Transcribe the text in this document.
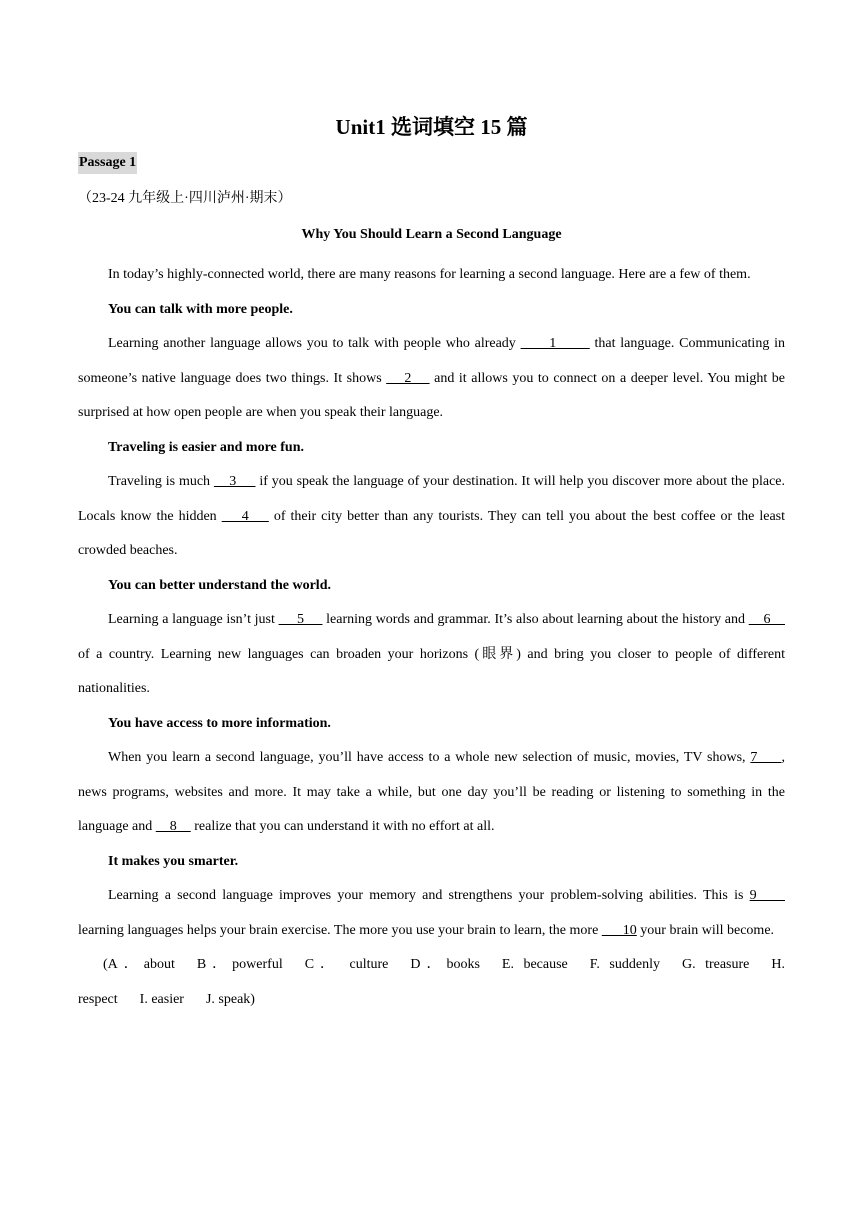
Unit1 选词填空 15 篇
Passage 1
（23-24 九年级上·四川泸州·期末）
Why You Should Learn a Second Language

In today’s highly-connected world, there are many reasons for learning a second language. Here are a few of them.

You can talk with more people.

Learning another language allows you to talk with people who already       1        that language. Communicating in someone’s native language does two things. It shows     2     and it allows you to connect on a deeper level. You might be surprised at how open people are when you speak their language.

Traveling is easier and more fun.

Traveling is much     3      if you speak the language of your destination. It will help you discover more about the place. Locals know the hidden     4     of their city better than any tourists. They can tell you about the best coffee or the least crowded beaches.

You can better understand the world.

Learning a language isn’t just      5      learning words and grammar. It’s also about learning about the history and     6     of a country. Learning new languages can broaden your horizons (眼界) and bring you closer to people of different nationalities.

You have access to more information.

When you learn a second language, you’ll have access to a whole new selection of music, movies, TV shows, 7     , news programs, websites and more. It may take a while, but one day you’ll be reading or listening to something in the language and     8     realize that you can understand it with no effort at all.

It makes you smarter.

Learning a second language improves your memory and strengthens your problem-solving abilities. This is 9      learning languages helps your brain exercise. The more you use your brain to learn, the more       10 your brain will become.

(A．about B．powerful C． culture D．books E. because F. suddenly G. treasure H. respect I. easier J. speak)
